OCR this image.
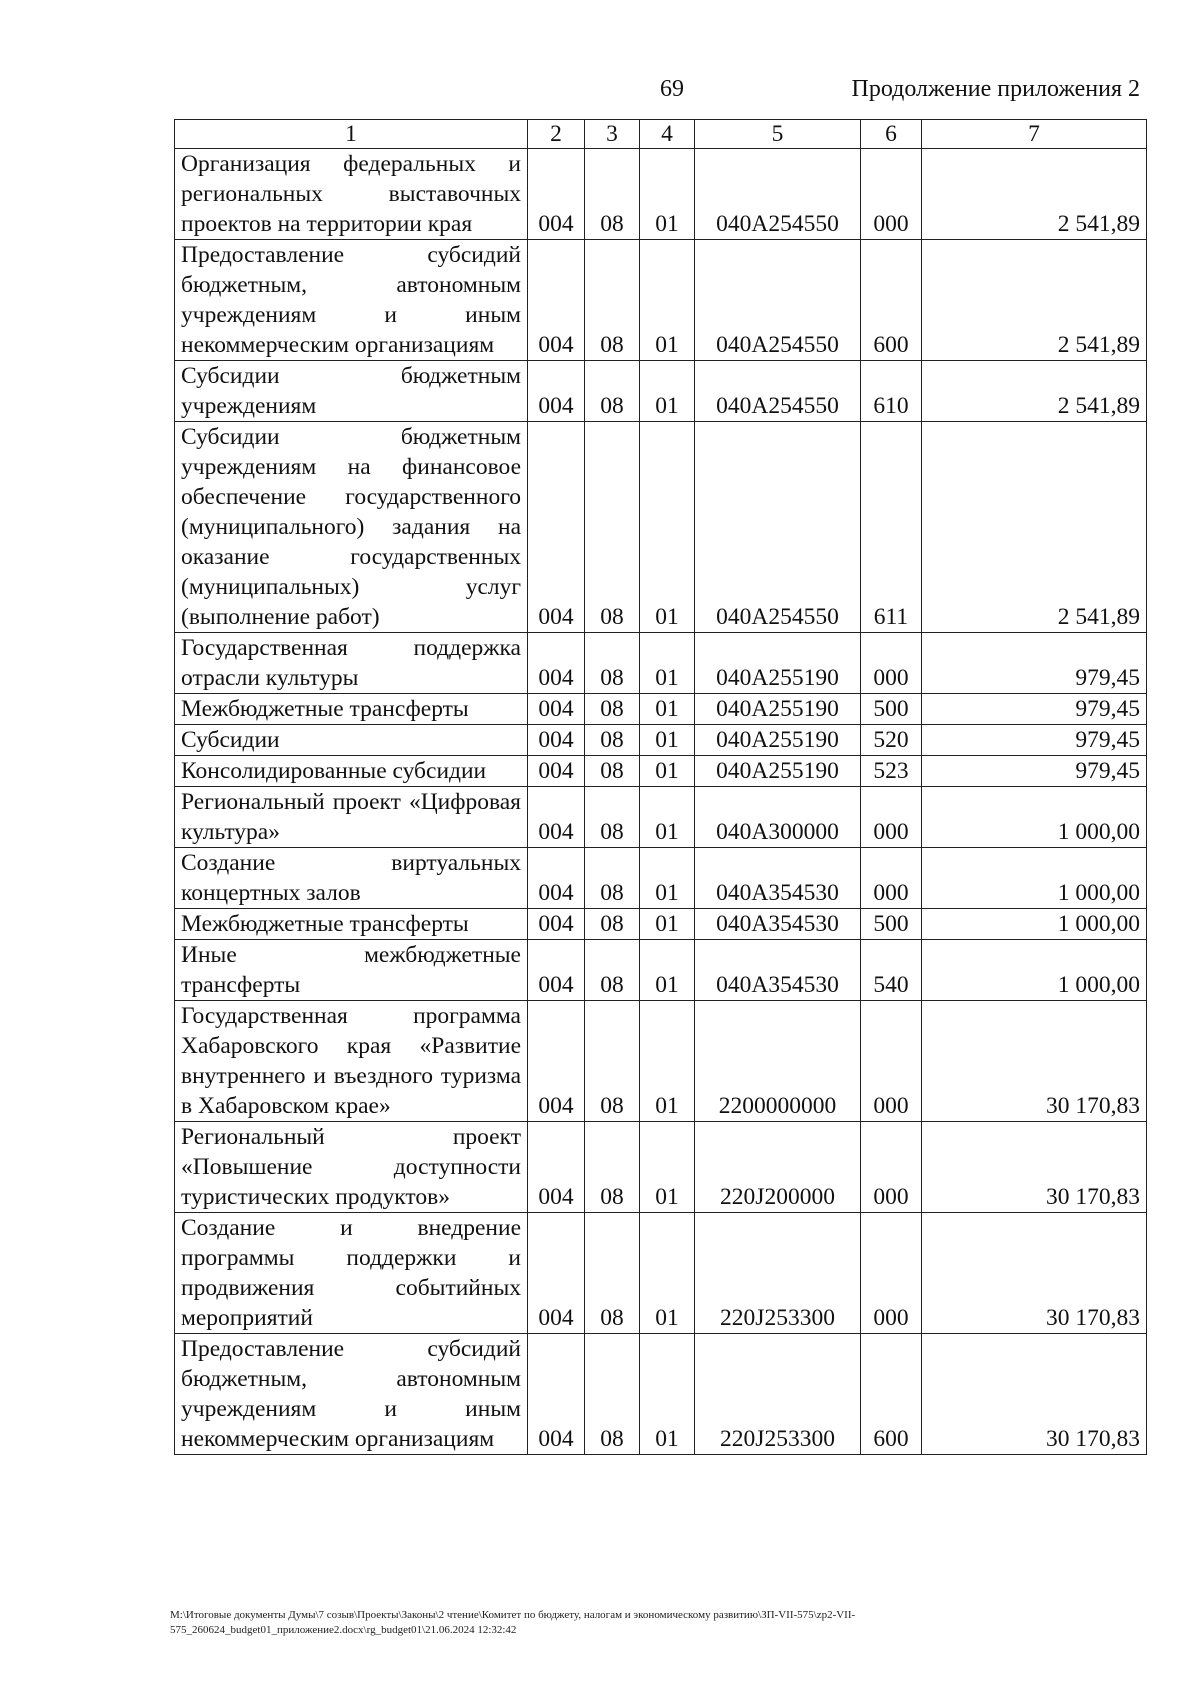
69	Продолжение приложения 2
1	2	3	4	5	6	7
Организация федеральных и региональных выставочных проектов на территории края	004	08	01	040A254550	000	2 541,89
Предоставление субсидий бюджетным, автономным учреждениям и иным некоммерческим организациям	004	08	01	040A254550	600	2 541,89
Субсидии бюджетным учреждениям	004	08	01	040A254550	610	2 541,89
Субсидии бюджетным учреждениям на финансовое обеспечение государственного (муниципального) задания на оказание государственных (муниципальных) услуг (выполнение работ)	004	08	01	040A254550	611	2 541,89
Государственная поддержка отрасли культуры	004	08	01	040A255190	000	979,45
Межбюджетные трансферты	004	08	01	040A255190	500	979,45
Субсидии	004	08	01	040A255190	520	979,45
Консолидированные субсидии	004	08	01	040A255190	523	979,45
Региональный проект «Цифровая культура»	004	08	01	040A300000	000	1 000,00
Создание виртуальных концертных залов	004	08	01	040A354530	000	1 000,00
Межбюджетные трансферты	004	08	01	040A354530	500	1 000,00
Иные межбюджетные трансферты	004	08	01	040A354530	540	1 000,00
Государственная программа Хабаровского края «Развитие внутреннего и въездного туризма в Хабаровском крае»	004	08	01	2200000000	000	30 170,83
Региональный проект «Повышение доступности туристических продуктов»	004	08	01	220J200000	000	30 170,83
Создание и внедрение программы поддержки и продвижения событийных мероприятий	004	08	01	220J253300	000	30 170,83
Предоставление субсидий бюджетным, автономным учреждениям и иным некоммерческим организациям	004	08	01	220J253300	600	30 170,83
M:\Итоговые документы Думы\7 созыв\Проекты\Законы\2 чтение\Комитет по бюджету, налогам и экономическому развитию\ЗП-VII-575\zp2-VII-575_260624_budget01_приложение2.docx\rg_budget01\21.06.2024 12:32:42
